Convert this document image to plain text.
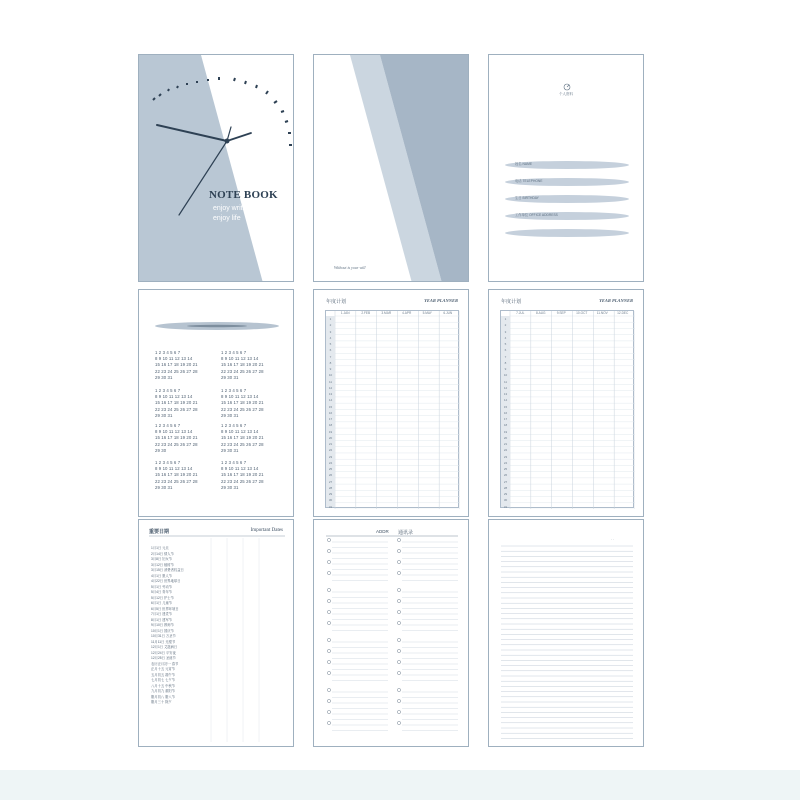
NOTE BOOK
enjoy writing
enjoy life
Without is your will
个人资料
姓名 NAME
电话 TELEPHONE
生日 BIRTHDAY
工作单位 OFFICE ADDRESS
1 2 3 4 5 6 7
8 9 10 11 12 13 14
15 16 17 18 19 20 21
22 23 24 25 26 27 28
29 30 31
1 2 3 4 5 6 7
8 9 10 11 12 13 14
15 16 17 18 19 20 21
22 23 24 25 26 27 28
29 30 31
1 2 3 4 5 6 7
8 9 10 11 12 13 14
15 16 17 18 19 20 21
22 23 24 25 26 27 28
29 30 31
1 2 3 4 5 6 7
8 9 10 11 12 13 14
15 16 17 18 19 20 21
22 23 24 25 26 27 28
29 30 31
1 2 3 4 5 6 7
8 9 10 11 12 13 14
15 16 17 18 19 20 21
22 23 24 25 26 27 28
29 30
1 2 3 4 5 6 7
8 9 10 11 12 13 14
15 16 17 18 19 20 21
22 23 24 25 26 27 28
29 30 31
1 2 3 4 5 6 7
8 9 10 11 12 13 14
15 16 17 18 19 20 21
22 23 24 25 26 27 28
29 30 31
1 2 3 4 5 6 7
8 9 10 11 12 13 14
15 16 17 18 19 20 21
22 23 24 25 26 27 28
29 30 31
年度计划	YEAR PLANNER
1.JAN	2.FEB	3.MAR	4.APR	5.MAY	6.JUN
1
2
3
4
5
6
7
8
9
10
11
12
13
14
15
16
17
18
19
20
21
22
23
24
25
26
27
28
29
30
31
年度计划	YEAR PLANNER
7.JUL	8.AUG	9.SEP	10.OCT	11.NOV	12.DEC
1
2
3
4
5
6
7
8
9
10
11
12
13
14
15
16
17
18
19
20
21
22
23
24
25
26
27
28
29
30
31
重要日期	Important Dates
1月1日 元旦
2月14日 情人节
3月8日 妇女节
3月12日 植树节
3月15日 消费者权益日
4月1日 愚人节
4月22日 世界地球日
5月1日 劳动节
5月4日 青年节
5月12日 护士节
6月1日 儿童节
6月5日 世界环境日
7月1日 建党节
8月1日 建军节
9月10日 教师节
10月1日 国庆节
10月31日 万圣节
11月11日 光棍节
12月1日 艾滋病日
12月24日 平安夜
12月25日 圣诞节
农历正月初一 春节
正月十五 元宵节
五月初五 端午节
七月初七 七夕节
八月十五 中秋节
九月初九 重阳节
腊月初八 腊八节
腊月三十 除夕
ADDR 通讯录
. .
